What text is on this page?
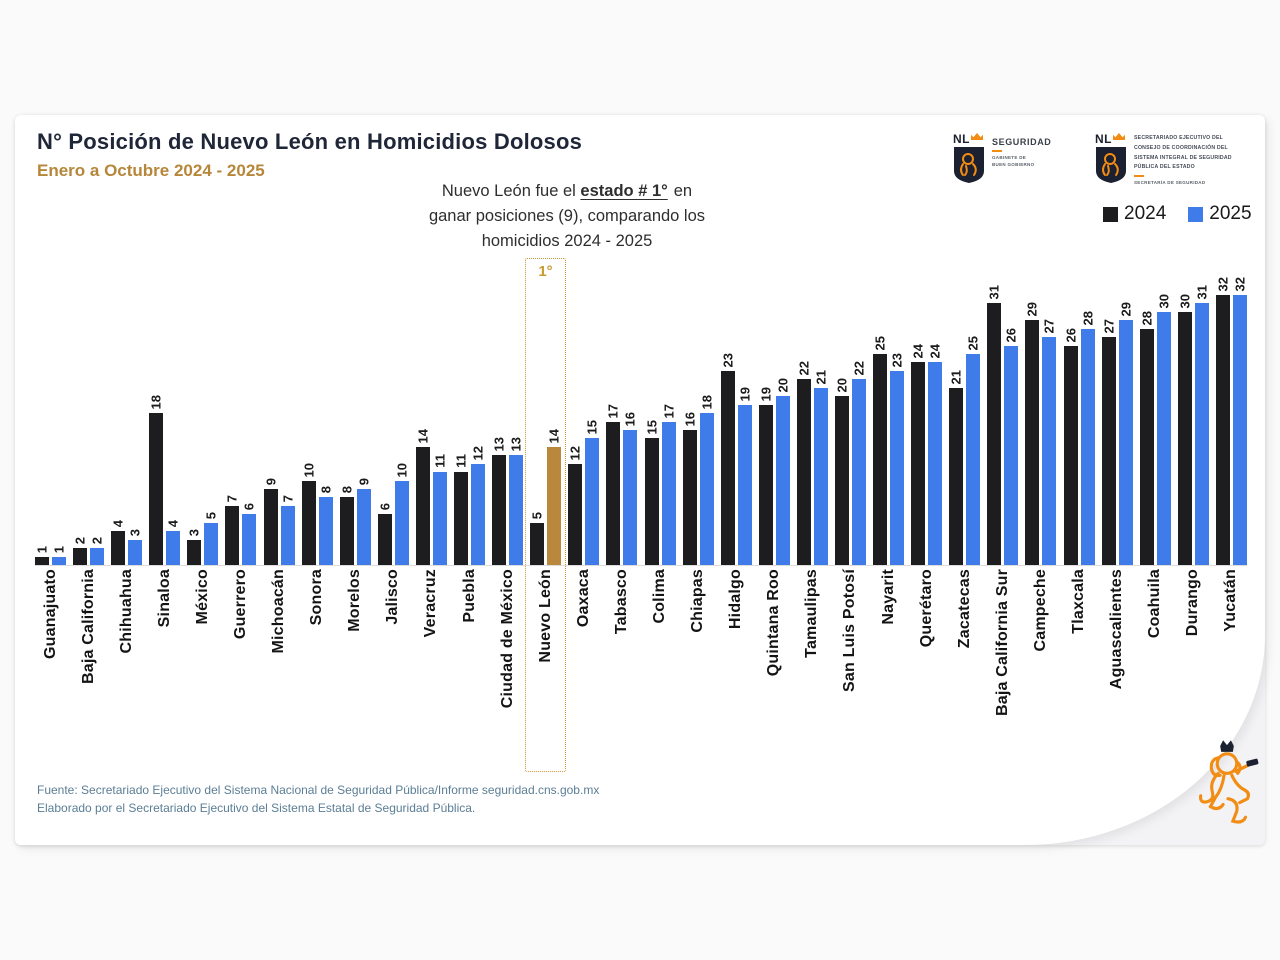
N° Posición de Nuevo León en Homicidios Dolosos
Enero a Octubre 2024 - 2025
Nuevo León fue el estado # 1° en
ganar posiciones (9), comparando los
homicidios 2024 - 2025
NL SEGURIDAD
GABINETE DE
BUEN GOBIERNO
NL	SECRETARIADO EJECUTIVO DEL
CONSEJO DE COORDINACIÓN DEL
SISTEMA INTEGRAL DE SEGURIDAD
PÚBLICA DEL ESTADO
SECRETARÍA DE SEGURIDAD
2024 2025
1°
1 1
2 2
4
3
18
4
3
5
7
6
9
7
10
8 8
9
6
10
14
11 11
12
13 13
5
14
12
15
17
16
15
17
16
18
23
19 19
20
22
21
20
22
25
23
24 24
21
25
31
26
29
27
26
28
27
29
28
30 30
31
32 32
Guanajuato Baja California Chihuahua Sinaloa México Guerrero Michoacán Sonora Morelos Jalisco Veracruz Puebla Ciudad de México Nuevo León Oaxaca Tabasco Colima Chiapas Hidalgo Quintana Roo Tamaulipas San Luis Potosí Nayarit Querétaro Zacatecas Baja California Sur Campeche Tlaxcala Aguascalientes Coahuila Durango Yucatán
Fuente: Secretariado Ejecutivo del Sistema Nacional de Seguridad Pública/Informe seguridad.cns.gob.mx
Elaborado por el Secretariado Ejecutivo del Sistema Estatal de Seguridad Pública.
